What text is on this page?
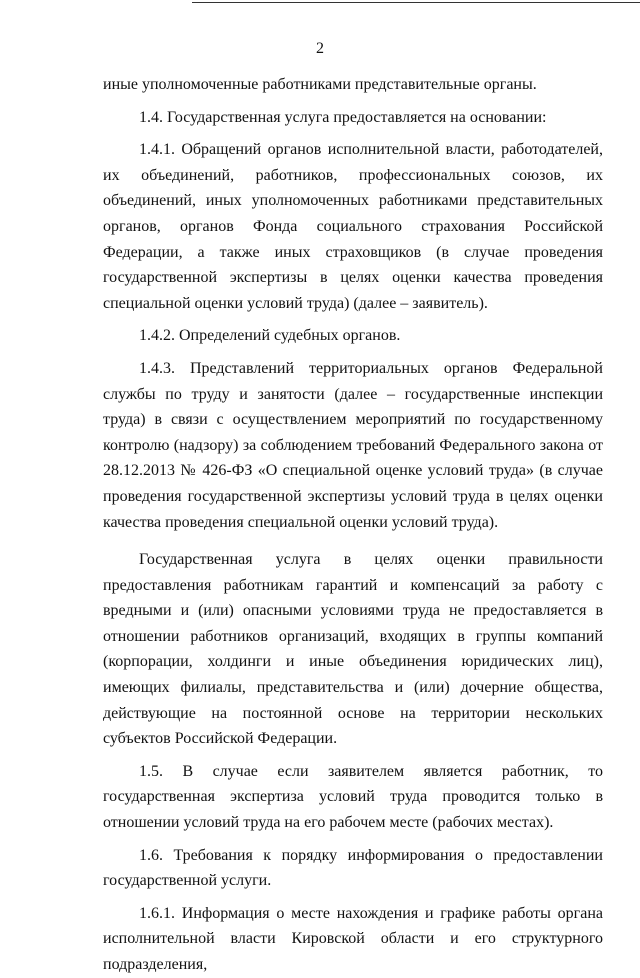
2

иные уполномоченные работниками представительные органы.

1.4. Государственная услуга предоставляется на основании:

1.4.1. Обращений органов исполнительной власти, работодателей, их объединений, работников, профессиональных союзов, их объединений, иных уполномоченных работниками представительных органов, органов Фонда социального страхования Российской Федерации, а также иных страховщиков (в случае проведения государственной экспертизы в целях оценки качества проведения специальной оценки условий труда) (далее – заявитель).

1.4.2. Определений судебных органов.

1.4.3. Представлений территориальных органов Федеральной службы по труду и занятости (далее – государственные инспекции труда) в связи с осуществлением мероприятий по государственному контролю (надзору) за соблюдением требований Федерального закона от 28.12.2013 № 426-ФЗ «О специальной оценке условий труда» (в случае проведения государственной экспертизы условий труда в целях оценки качества проведения специальной оценки условий труда).

Государственная услуга в целях оценки правильности предоставления работникам гарантий и компенсаций за работу с вредными и (или) опасными условиями труда не предоставляется в отношении работников организаций, входящих в группы компаний (корпорации, холдинги и иные объединения юридических лиц), имеющих филиалы, представительства и (или) дочерние общества, действующие на постоянной основе на территории нескольких субъектов Российской Федерации.

1.5. В случае если заявителем является работник, то государственная экспертиза условий труда проводится только в отношении условий труда на его рабочем месте (рабочих местах).

1.6. Требования к порядку информирования о предоставлении государственной услуги.

1.6.1. Информация о месте нахождения и графике работы органа исполнительной власти Кировской области и его структурного подразделения,
